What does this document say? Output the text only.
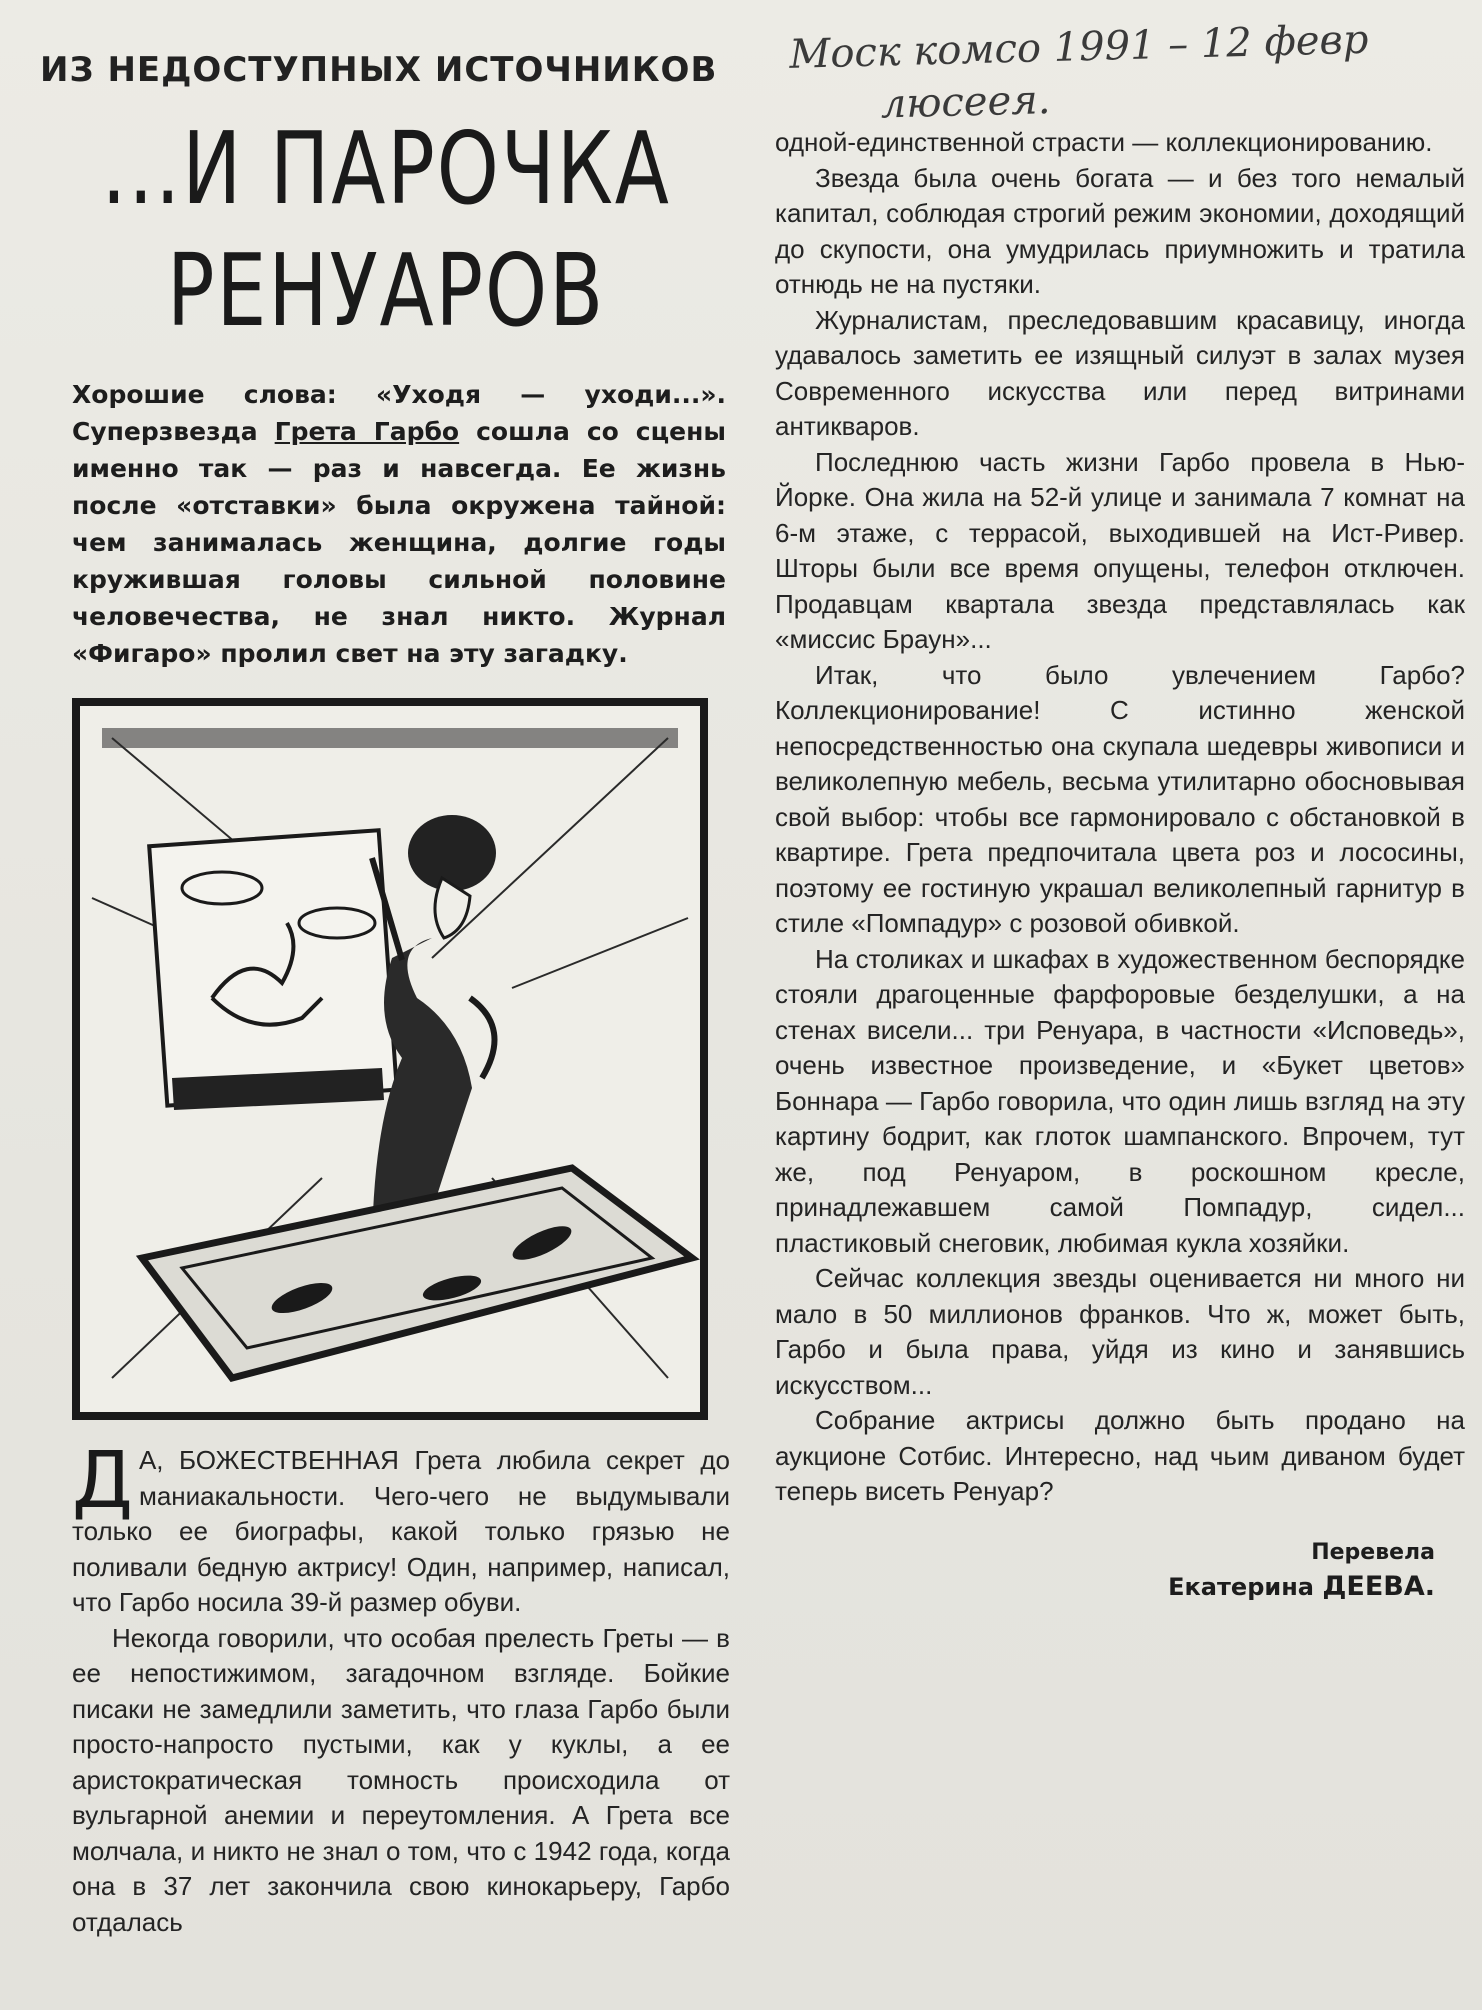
Моск комсо 1991 – 12 февр
люсеея.
ИЗ НЕДОСТУПНЫХ ИСТОЧНИКОВ
...И ПАРОЧКА
РЕНУАРОВ
Хорошие слова: «Уходя — уходи...». Суперзвезда Грета Гарбо сошла со сцены именно так — раз и навсегда. Ее жизнь после «отставки» была окружена тайной: чем занималась женщина, долгие годы кружившая головы сильной половине человечества, не знал никто. Журнал «Фигаро» пролил свет на эту загадку.

Д А, БОЖЕСТВЕННАЯ Грета любила секрет до маниакальности. Чего-чего не выдумывали только ее биографы, какой только грязью не поливали бедную актрису! Один, например, написал, что Гарбо носила 39-й размер обуви.

Некогда говорили, что особая прелесть Греты — в ее непостижимом, загадочном взгляде. Бойкие писаки не замедлили заметить, что глаза Гарбо были просто-напросто пустыми, как у куклы, а ее аристократическая томность происходила от вульгарной анемии и переутомления. А Грета все молчала, и никто не знал о том, что с 1942 года, когда она в 37 лет закончила свою кинокарьеру, Гарбо отдалась

одной-единственной страсти — коллекционированию.

Звезда была очень богата — и без того немалый капитал, соблюдая строгий режим экономии, доходящий до скупости, она умудрилась приумножить и тратила отнюдь не на пустяки.

Журналистам, преследовавшим красавицу, иногда удавалось заметить ее изящный силуэт в залах музея Современного искусства или перед витринами антикваров.

Последнюю часть жизни Гарбо провела в Нью-Йорке. Она жила на 52-й улице и занимала 7 комнат на 6-м этаже, с террасой, выходившей на Ист-Ривер. Шторы были все время опущены, телефон отключен. Продавцам квартала звезда представлялась как «миссис Браун»...

Итак, что было увлечением Гарбо? Коллекционирование! С истинно женской непосредственностью она скупала шедевры живописи и великолепную мебель, весьма утилитарно обосновывая свой выбор: чтобы все гармонировало с обстановкой в квартире. Грета предпочитала цвета роз и лососины, поэтому ее гостиную украшал великолепный гарнитур в стиле «Помпадур» с розовой обивкой.

На столиках и шкафах в художественном беспорядке стояли драгоценные фарфоровые безделушки, а на стенах висели... три Ренуара, в частности «Исповедь», очень известное произведение, и «Букет цветов» Боннара — Гарбо говорила, что один лишь взгляд на эту картину бодрит, как глоток шампанского. Впрочем, тут же, под Ренуаром, в роскошном кресле, принадлежавшем самой Помпадур, сидел... пластиковый снеговик, любимая кукла хозяйки.

Сейчас коллекция звезды оценивается ни много ни мало в 50 миллионов франков. Что ж, может быть, Гарбо и была права, уйдя из кино и занявшись искусством...

Собрание актрисы должно быть продано на аукционе Сотбис. Интересно, над чьим диваном будет теперь висеть Ренуар?

Перевела
Екатерина ДЕЕВА.
